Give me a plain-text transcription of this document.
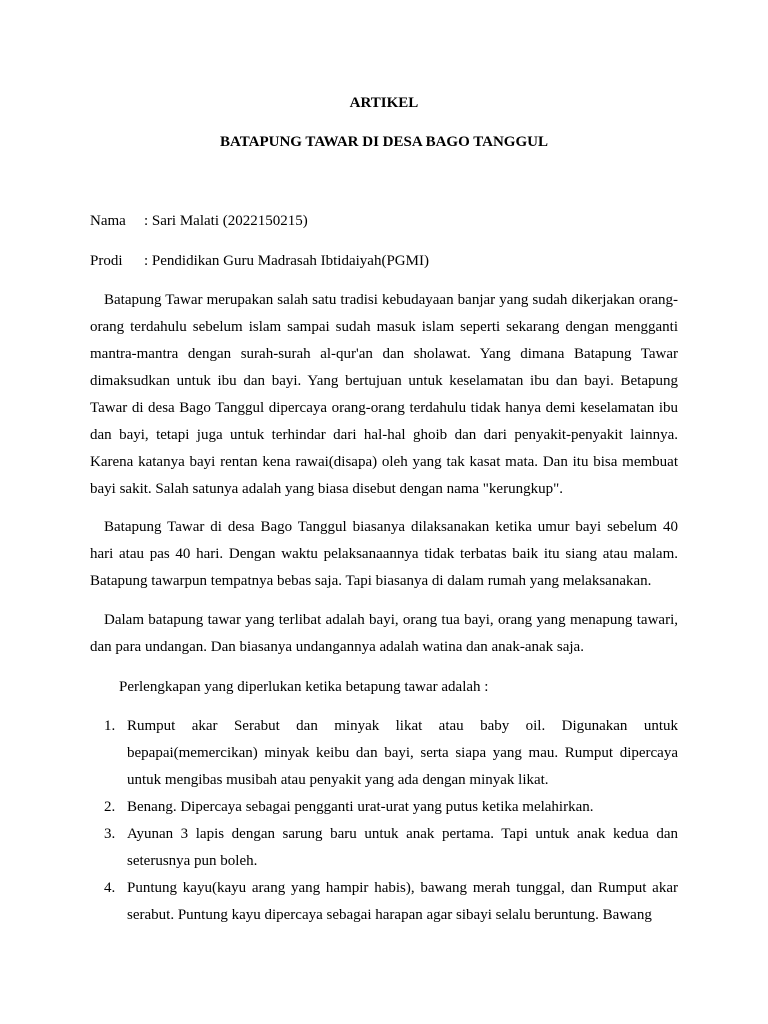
ARTIKEL
BATAPUNG TAWAR DI DESA BAGO TANGGUL
Nama : Sari Malati (2022150215)
Prodi : Pendidikan Guru Madrasah Ibtidaiyah(PGMI)

Batapung Tawar merupakan salah satu tradisi kebudayaan banjar yang sudah dikerjakan orang-orang terdahulu sebelum islam sampai sudah masuk islam seperti sekarang dengan mengganti mantra-mantra dengan surah-surah al-qur'an dan sholawat. Yang dimana Batapung Tawar dimaksudkan untuk ibu dan bayi. Yang bertujuan untuk keselamatan ibu dan bayi. Betapung Tawar di desa Bago Tanggul dipercaya orang-orang terdahulu tidak hanya demi keselamatan ibu dan bayi, tetapi juga untuk terhindar dari hal-hal ghoib dan dari penyakit-penyakit lainnya. Karena katanya bayi rentan kena rawai(disapa) oleh yang tak kasat mata. Dan itu bisa membuat bayi sakit. Salah satunya adalah yang biasa disebut dengan nama "kerungkup".

Batapung Tawar di desa Bago Tanggul biasanya dilaksanakan ketika umur bayi sebelum 40 hari atau pas 40 hari. Dengan waktu pelaksanaannya tidak terbatas baik itu siang atau malam. Batapung tawarpun tempatnya bebas saja. Tapi biasanya di dalam rumah yang melaksanakan.

Dalam batapung tawar yang terlibat adalah bayi, orang tua bayi, orang yang menapung tawari, dan para undangan. Dan biasanya undangannya adalah watina dan anak-anak saja.

Perlengkapan yang diperlukan ketika betapung tawar adalah :

1. Rumput akar Serabut dan minyak likat atau baby oil. Digunakan untuk bepapai(memercikan) minyak keibu dan bayi, serta siapa yang mau. Rumput dipercaya untuk mengibas musibah atau penyakit yang ada dengan minyak likat.
2. Benang. Dipercaya sebagai pengganti urat-urat yang putus ketika melahirkan.
3. Ayunan 3 lapis dengan sarung baru untuk anak pertama. Tapi untuk anak kedua dan seterusnya pun boleh.
4. Puntung kayu(kayu arang yang hampir habis), bawang merah tunggal, dan Rumput akar serabut. Puntung kayu dipercaya sebagai harapan agar sibayi selalu beruntung. Bawang
